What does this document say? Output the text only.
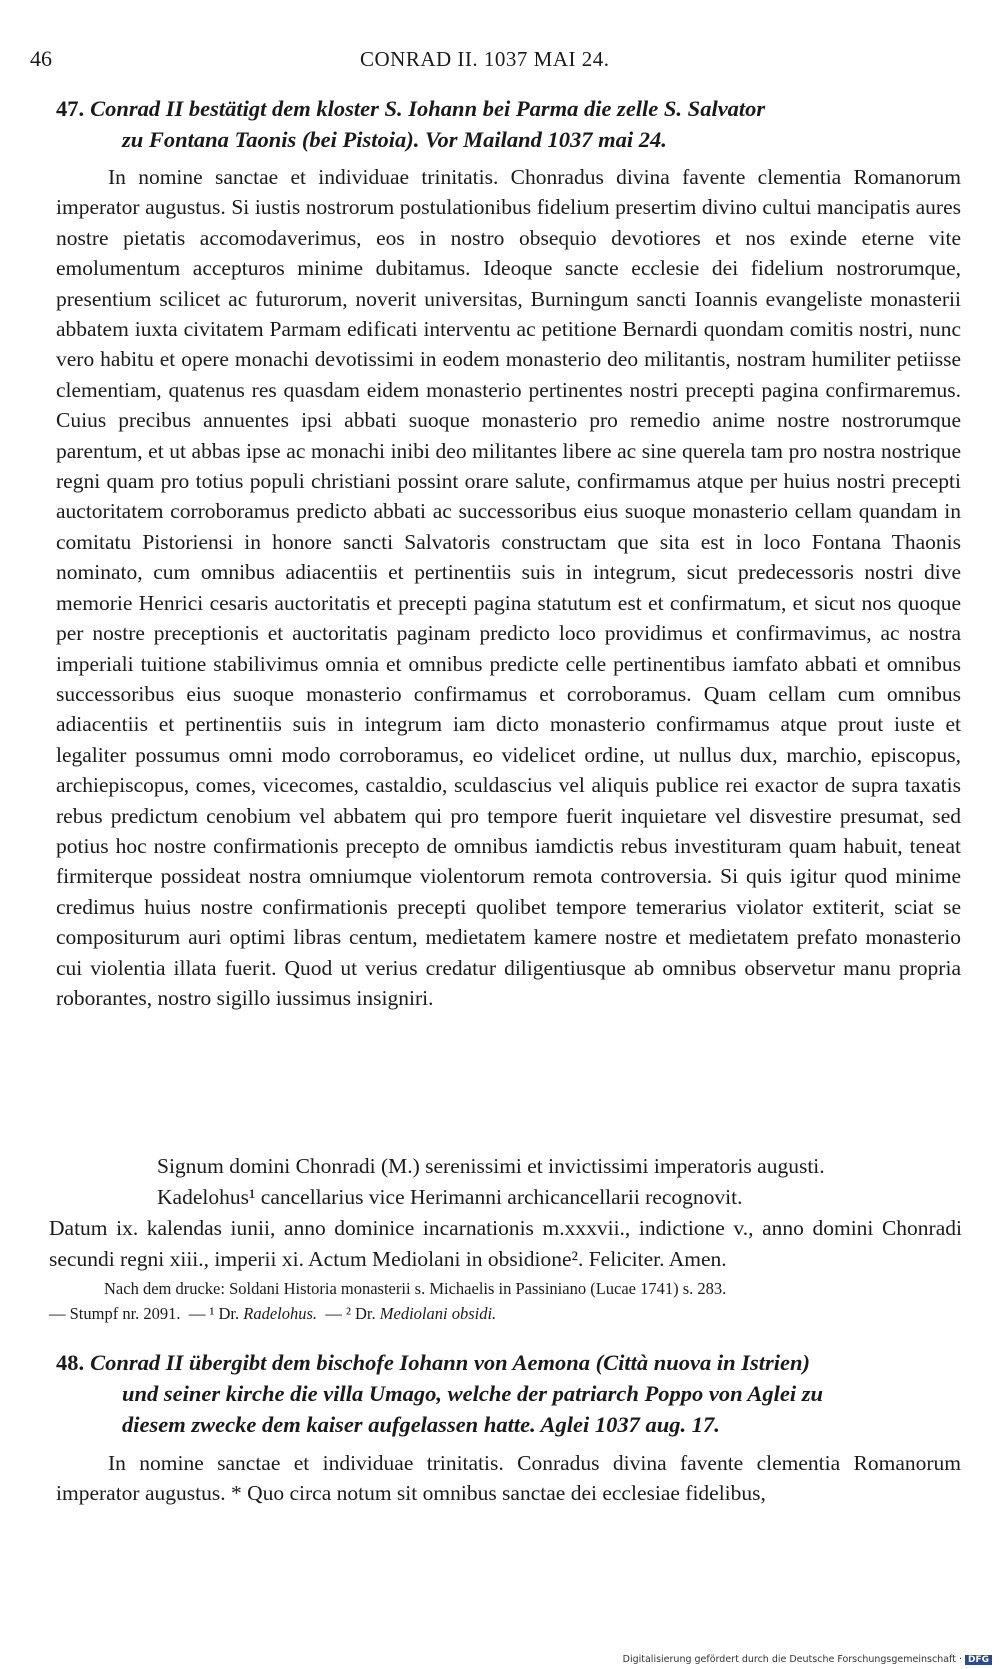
46	CONRAD II. 1037 MAI 24.
47. Conrad II bestätigt dem kloster S. Iohann bei Parma die zelle S. Salvator
zu Fontana Taonis (bei Pistoia). Vor Mailand 1037 mai 24.

In nomine sanctae et individuae trinitatis. Chonradus divina favente clementia Romanorum imperator augustus. Si iustis nostrorum postulationibus fidelium presertim divino cultui mancipatis aures nostre pietatis accomodaverimus, eos in nostro obsequio devotiores et nos exinde eterne vite emolumentum accepturos minime dubitamus. Ideoque sancte ecclesie dei fidelium nostrorumque, presentium scilicet ac futurorum, noverit universitas, Burningum sancti Ioannis evangeliste monasterii abbatem iuxta civitatem Parmam edificati interventu ac petitione Bernardi quondam comitis nostri, nunc vero habitu et opere monachi devotissimi in eodem monasterio deo militantis, nostram humiliter petiisse clementiam, quatenus res quasdam eidem monasterio pertinentes nostri precepti pagina confirmaremus. Cuius precibus annuentes ipsi abbati suoque monasterio pro remedio anime nostre nostrorumque parentum, et ut abbas ipse ac monachi inibi deo militantes libere ac sine querela tam pro nostra nostrique regni quam pro totius populi christiani possint orare salute, confirmamus atque per huius nostri precepti auctoritatem corroboramus predicto abbati ac successoribus eius suoque monasterio cellam quandam in comitatu Pistoriensi in honore sancti Salvatoris constructam que sita est in loco Fontana Thaonis nominato, cum omnibus adiacentiis et pertinentiis suis in integrum, sicut predecessoris nostri dive memorie Henrici cesaris auctoritatis et precepti pagina statutum est et confirmatum, et sicut nos quoque per nostre preceptionis et auctoritatis paginam predicto loco providimus et confirmavimus, ac nostra imperiali tuitione stabilivimus omnia et omnibus predicte celle pertinentibus iamfato abbati et omnibus successoribus eius suoque monasterio confirmamus et corroboramus. Quam cellam cum omnibus adiacentiis et pertinentiis suis in integrum iam dicto monasterio confirmamus atque prout iuste et legaliter possumus omni modo corroboramus, eo videlicet ordine, ut nullus dux, marchio, episcopus, archiepiscopus, comes, vicecomes, castaldio, sculdascius vel aliquis publice rei exactor de supra taxatis rebus predictum cenobium vel abbatem qui pro tempore fuerit inquietare vel disvestire presumat, sed potius hoc nostre confirmationis precepto de omnibus iamdictis rebus investituram quam habuit, teneat firmiterque possideat nostra omniumque violentorum remota controversia. Si quis igitur quod minime credimus huius nostre confirmationis precepti quolibet tempore temerarius violator extiterit, sciat se compositurum auri optimi libras centum, medietatem kamere nostre et medietatem prefato monasterio cui violentia illata fuerit. Quod ut verius credatur diligentiusque ab omnibus observetur manu propria roborantes, nostro sigillo iussimus insigniri.

Signum domini Chonradi (M.) serenissimi et invictissimi imperatoris augusti.
Kadelohus¹ cancellarius vice Herimanni archicancellarii recognovit.
Datum ix. kalendas iunii, anno dominice incarnationis m.xxxvii., indictione v., anno domini Chonradi secundi regni xiii., imperii xi. Actum Mediolani in obsidione². Feliciter. Amen.

Nach dem drucke: Soldani Historia monasterii s. Michaelis in Passiniano (Lucae 1741) s. 283.

— Stumpf nr. 2091. — ¹ Dr. Radelohus. — ² Dr. Mediolani obsidi.
48. Conrad II übergibt dem bischofe Iohann von Aemona (Città nuova in Istrien)
und seiner kirche die villa Umago, welche der patriarch Poppo von Aglei zu
diesem zwecke dem kaiser aufgelassen hatte. Aglei 1037 aug. 17.

In nomine sanctae et individuae trinitatis. Conradus divina favente clementia Romanorum imperator augustus. * Quo circa notum sit omnibus sanctae dei ecclesiae fidelibus,

Digitalisierung gefördert durch die Deutsche Forschungsgemeinschaft · DFG
